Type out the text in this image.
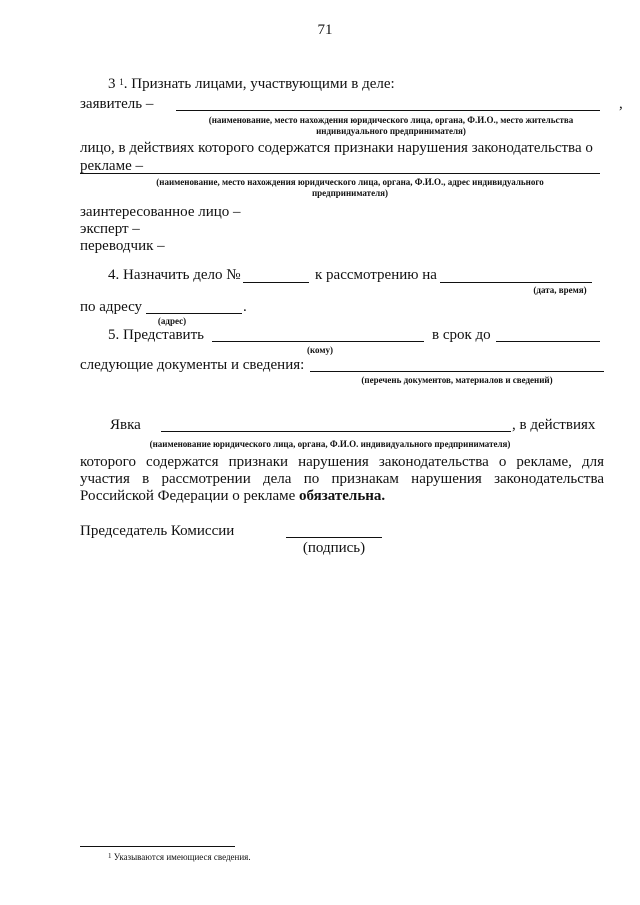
71
3 $^1$. Признать лицами, участвующими в деле:
заявитель –	,
(наименование, место нахождения юридического лица, органа, Ф.И.О., место жительства
индивидуального предпринимателя)
лицо, в действиях которого содержатся признаки нарушения законодательства о
рекламе –
(наименование, место нахождения юридического лица, органа, Ф.И.О., адрес индивидуального
предпринимателя)
заинтересованное лицо –
эксперт –
переводчик –
4. Назначить дело №	к рассмотрению на
(дата, время)
по адресу	.
(адрес)
5. Представить	в срок до
(кому)
следующие документы и сведения:
(перечень документов, материалов и сведений)
Явка	, в действиях
(наименование юридического лица, органа, Ф.И.О. индивидуального предпринимателя)
которого содержатся признаки нарушения законодательства о рекламе, для
участия в рассмотрении дела по признакам нарушения законодательства
Российской Федерации о рекламе обязательна.
Председатель Комиссии
(подпись)
$^1$ Указываются имеющиеся сведения.
